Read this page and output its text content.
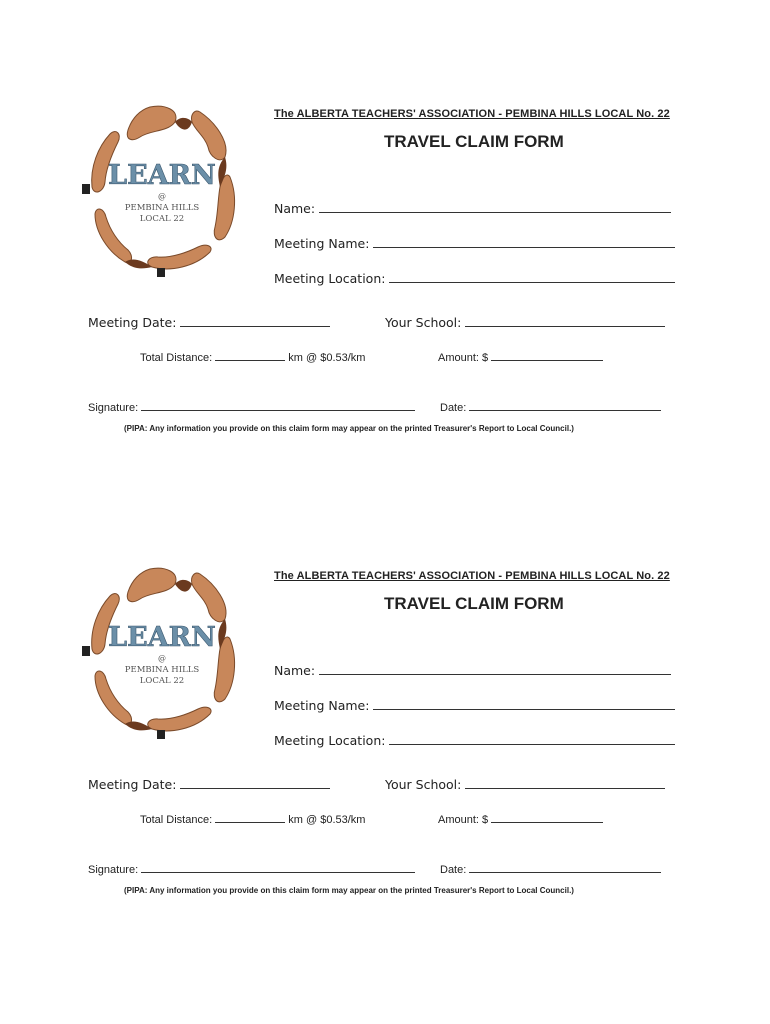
LEARN
@
PEMBINA HILLS
LOCAL 22
The ALBERTA TEACHERS' ASSOCIATION - PEMBINA HILLS LOCAL No. 22
TRAVEL CLAIM FORM
Name:
Meeting Name:
Meeting Location:
Meeting Date:	Your School:
Total Distance:	km @ $0.53/km	Amount: $
Signature:	Date:
(PIPA: Any information you provide on this claim form may appear on the printed Treasurer's Report to Local Council.)
LEARN
@
PEMBINA HILLS
LOCAL 22
The ALBERTA TEACHERS' ASSOCIATION - PEMBINA HILLS LOCAL No. 22
TRAVEL CLAIM FORM
Name:
Meeting Name:
Meeting Location:
Meeting Date:	Your School:
Total Distance:	km @ $0.53/km	Amount: $
Signature:	Date:
(PIPA: Any information you provide on this claim form may appear on the printed Treasurer's Report to Local Council.)
